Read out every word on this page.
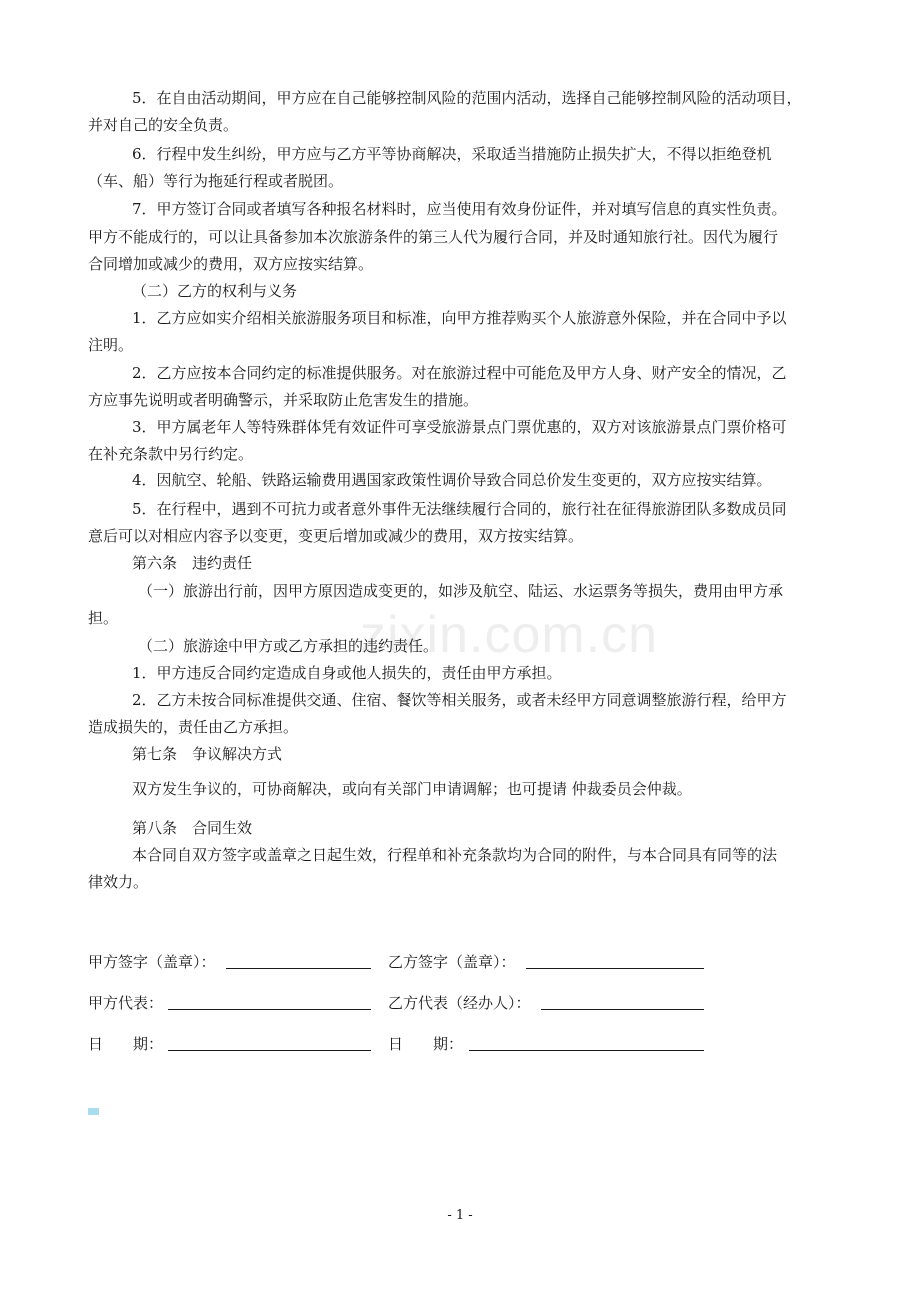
zixin.com.cn
5．在自由活动期间，甲方应在自己能够控制风险的范围内活动，选择自己能够控制风险的活动项目，
并对自己的安全负责。
6．行程中发生纠纷，甲方应与乙方平等协商解决，采取适当措施防止损失扩大，不得以拒绝登机
（车、船）等行为拖延行程或者脱团。
7．甲方签订合同或者填写各种报名材料时，应当使用有效身份证件，并对填写信息的真实性负责。
甲方不能成行的，可以让具备参加本次旅游条件的第三人代为履行合同，并及时通知旅行社。因代为履行
合同增加或减少的费用，双方应按实结算。
（二）乙方的权利与义务
1．乙方应如实介绍相关旅游服务项目和标准，向甲方推荐购买个人旅游意外保险，并在合同中予以
注明。
2．乙方应按本合同约定的标准提供服务。对在旅游过程中可能危及甲方人身、财产安全的情况，乙
方应事先说明或者明确警示，并采取防止危害发生的措施。
3．甲方属老年人等特殊群体凭有效证件可享受旅游景点门票优惠的，双方对该旅游景点门票价格可
在补充条款中另行约定。
4．因航空、轮船、铁路运输费用遇国家政策性调价导致合同总价发生变更的，双方应按实结算。
5．在行程中，遇到不可抗力或者意外事件无法继续履行合同的，旅行社在征得旅游团队多数成员同
意后可以对相应内容予以变更，变更后增加或减少的费用，双方按实结算。
第六条　违约责任
（一）旅游出行前，因甲方原因造成变更的，如涉及航空、陆运、水运票务等损失，费用由甲方承
担。
（二）旅游途中甲方或乙方承担的违约责任。
1．甲方违反合同约定造成自身或他人损失的，责任由甲方承担。
2．乙方未按合同标准提供交通、住宿、餐饮等相关服务，或者未经甲方同意调整旅游行程，给甲方
造成损失的，责任由乙方承担。
第七条　争议解决方式
双方发生争议的，可协商解决，或向有关部门申请调解；也可提请 仲裁委员会仲裁。
第八条　合同生效
本合同自双方签字或盖章之日起生效，行程单和补充条款均为合同的附件，与本合同具有同等的法
律效力。
甲方签字（盖章）：	乙方签字（盖章）：
甲方代表：	乙方代表（经办人）：
日　　期：	日　　期：
- 1 -
